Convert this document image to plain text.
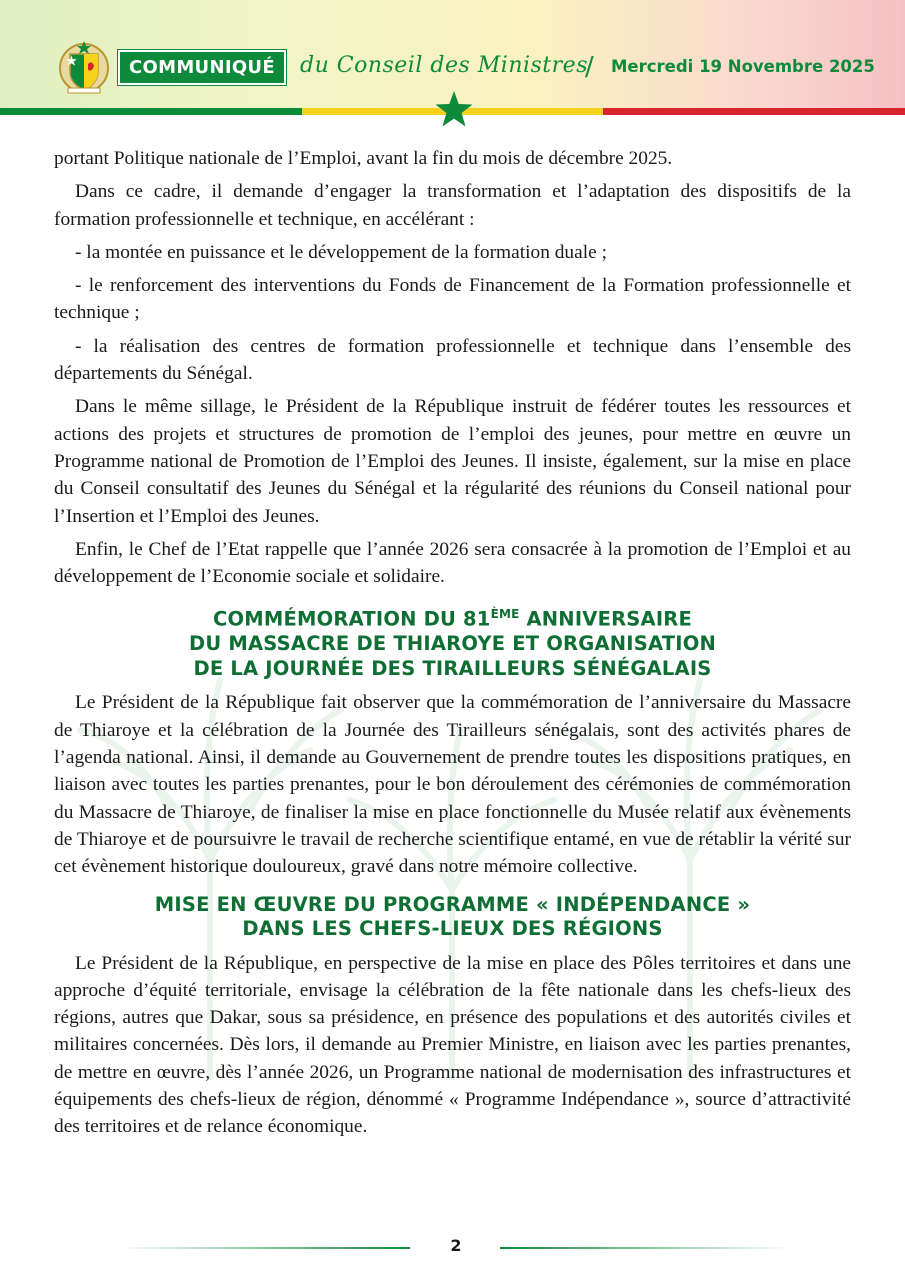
COMMUNIQUÉ	du Conseil des Ministres
/ Mercredi 19 Novembre 2025

portant Politique nationale de l’Emploi, avant la fin du mois de décembre 2025.

Dans ce cadre, il demande d’engager la transformation et l’adaptation des dispositifs de la formation professionnelle et technique, en accélérant :

- la montée en puissance et le développement de la formation duale ;

- le renforcement des interventions du Fonds de Financement de la Formation professionnelle et technique ;

- la réalisation des centres de formation professionnelle et technique dans l’ensemble des départements du Sénégal.

Dans le même sillage, le Président de la République instruit de fédérer toutes les ressources et actions des projets et structures de promotion de l’emploi des jeunes, pour mettre en œuvre un Programme national de Promotion de l’Emploi des Jeunes. Il insiste, également, sur la mise en place du Conseil consultatif des Jeunes du Sénégal et la régularité des réunions du Conseil national pour l’Insertion et l’Emploi des Jeunes.

Enfin, le Chef de l’Etat rappelle que l’année 2026 sera consacrée à la promotion de l’Emploi et au développement de l’Economie sociale et solidaire.

COMMÉMORATION DU 81ÈME ANNIVERSAIRE
DU MASSACRE DE THIAROYE ET ORGANISATION
DE LA JOURNÉE DES TIRAILLEURS SÉNÉGALAIS

Le Président de la République fait observer que la commémoration de l’anniversaire du Massacre de Thiaroye et la célébration de la Journée des Tirailleurs sénégalais, sont des activités phares de l’agenda national. Ainsi, il demande au Gouvernement de prendre toutes les dispositions pratiques, en liaison avec toutes les parties prenantes, pour le bon déroulement des cérémonies de commémoration du Massacre de Thiaroye, de finaliser la mise en place fonctionnelle du Musée relatif aux évènements de Thiaroye et de poursuivre le travail de recherche scientifique entamé, en vue de rétablir la vérité sur cet évènement historique douloureux, gravé dans notre mémoire collective.

MISE EN ŒUVRE DU PROGRAMME « INDÉPENDANCE »
DANS LES CHEFS-LIEUX DES RÉGIONS

Le Président de la République, en perspective de la mise en place des Pôles territoires et dans une approche d’équité territoriale, envisage la célébration de la fête nationale dans les chefs-lieux des régions, autres que Dakar, sous sa présidence, en présence des populations et des autorités civiles et militaires concernées. Dès lors, il demande au Premier Ministre, en liaison avec les parties prenantes, de mettre en œuvre, dès l’année 2026, un Programme national de modernisation des infrastructures et équipements des chefs-lieux de région, dénommé « Programme Indépendance », source d’attractivité des territoires et de relance économique.

2
